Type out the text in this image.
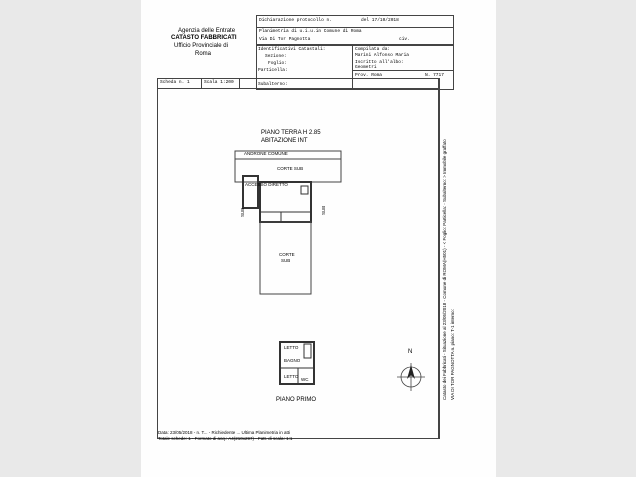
Agenzia delle Entrate
CATASTO FABBRICATI
Ufficio Provinciale di
Roma
Dichiarazione protocollo n.	del 17/10/2018
Planimetria di u.i.u.in Comune di Roma
Via Di Tor Pagnotta	civ.
Identificativi Catastali:
Sezione:
Foglio:
Particella:
Subalterno:
Compilata da:
Marini Alfonso Maria
Iscritto all'albo:
Geometri
Prov. Roma	N. 7717
Scheda n. 1	Scala 1:200
PIANO TERRA H 2.85
ABITAZIONE INT
ANDRONE COMUNE
CORTE SUB
ACCESSO DIRETTO
CORTE
SUB
SUB	SUB
LETTO
BAGNO
LETTO
WC
PIANO PRIMO
N	Catasto dei Fabbricati - Situazione al 23/05/2018 - Comune di ROMA(H501) - < Foglio: Particella: - Subalterno: > Immobile graffato VIA DI TOR PAGNOTTA n. piano: T-1 interno:
Data: 23/05/2018 - n. T... - Richiedente ... Ultima Planimetria in atti
Totale schede: 1 - Formato di acq.: A4(210x297) - Fatt. di scala: 1:1
